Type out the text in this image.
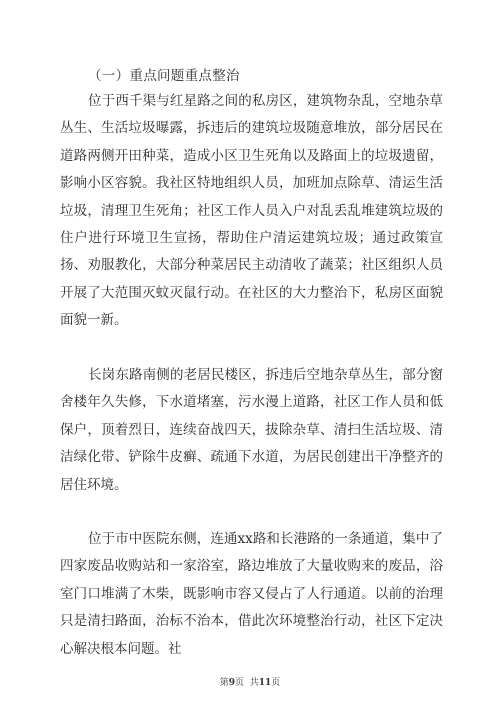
（一）重点问题重点整治

位于西千渠与红星路之间的私房区，建筑物杂乱，空地杂草丛生、生活垃圾曝露，拆违后的建筑垃圾随意堆放，部分居民在道路两侧开田种菜，造成小区卫生死角以及路面上的垃圾遗留，影响小区容貌。我社区特地组织人员，加班加点除草、清运生活垃圾，清理卫生死角；社区工作人员入户对乱丢乱堆建筑垃圾的住户进行环境卫生宣扬，帮助住户清运建筑垃圾；通过政策宣扬、劝服教化，大部分种菜居民主动清收了蔬菜；社区组织人员开展了大范围灭蚊灭鼠行动。在社区的大力整治下，私房区面貌面貌一新。

长岗东路南侧的老居民楼区，拆违后空地杂草丛生，部分窗舍楼年久失修，下水道堵塞，污水漫上道路，社区工作人员和低保户，顶着烈日，连续奋战四天，拔除杂草、清扫生活垃圾、清洁绿化带、铲除牛皮癣、疏通下水道，为居民创建出干净整齐的居住环境。

位于市中医院东侧，连通xx路和长港路的一条通道，集中了四家废品收购站和一家浴室，路边堆放了大量收购来的废品，浴室门口堆满了木柴，既影响市容又侵占了人行通道。以前的治理只是清扫路面，治标不治本，借此次环境整治行动，社区下定决心解决根本问题。社

第9页  共11页
